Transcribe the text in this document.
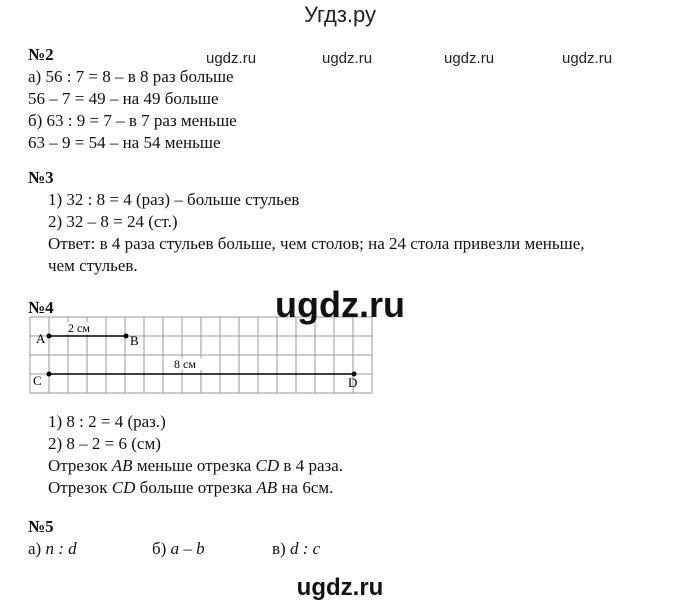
Угдз.ру
ugdz.ru	ugdz.ru	ugdz.ru	ugdz.ru
№2
а) 56 : 7 = 8 – в 8 раз больше
56 – 7 = 49 – на 49 больше
б) 63 : 9 = 7 – в 7 раз меньше
63 – 9 = 54 – на 54 меньше
№3
1) 32 : 8 = 4 (раз) – больше стульев
2) 32 – 8 = 24 (ст.)
Ответ: в 4 раза стульев больше, чем столов; на 24 стола привезли меньше,
чем стульев.
№4
A	B
C	D
2 см
8 см
1) 8 : 2 = 4 (раз.)
2) 8 – 2 = 6 (см)
Отрезок AB меньше отрезка CD в 4 раза.
Отрезок CD больше отрезка AB на 6см.
ugdz.ru
№5
а) n : d	б) a – b	в) d : c
ugdz.ru
